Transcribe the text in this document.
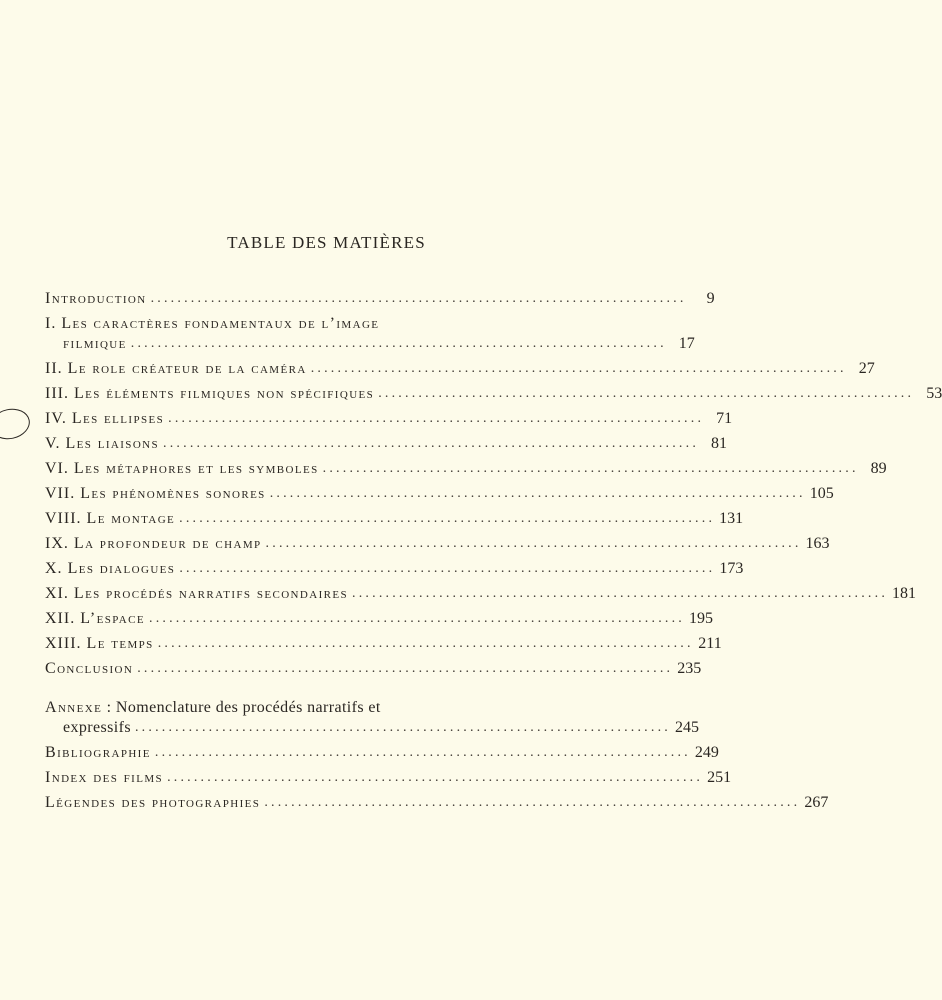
TABLE DES MATIÈRES
Introduction ................................................................................	9
I. Les caractères fondamentaux de l’image
filmique ................................................................................ 17
II. Le role créateur de la caméra ................................................................................ 27
III. Les éléments filmiques non spécifiques ................................................................................ 53
IV. Les ellipses ................................................................................ 71
V. Les liaisons ................................................................................ 81
VI. Les métaphores et les symboles ................................................................................ 89
VII. Les phénomènes sonores ................................................................................ 105
VIII. Le montage ................................................................................ 131
IX. La profondeur de champ ................................................................................ 163
X. Les dialogues ................................................................................ 173
XI. Les procédés narratifs secondaires ................................................................................ 181
XII. L’espace ................................................................................ 195
XIII. Le temps ................................................................................ 211
Conclusion ................................................................................ 235
Annexe : Nomenclature des procédés narratifs et
expressifs ................................................................................ 245
Bibliographie ................................................................................ 249
Index des films ................................................................................ 251
Légendes des photographies ................................................................................ 267
